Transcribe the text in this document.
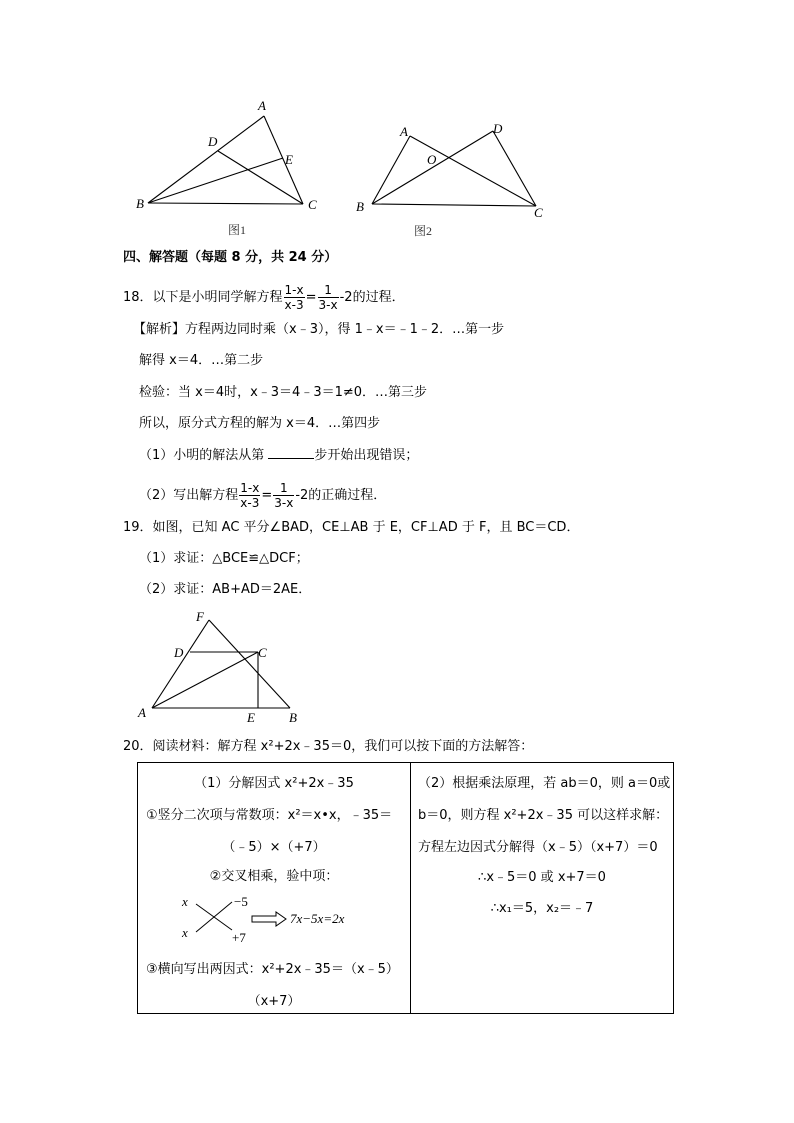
A
D
E
B	C
图1
A	D
O
B	C
图2
四、解答题（每题 8 分，共 24 分）
18．以下是小明同学解方程 $\frac{1-x}{x-3} = \frac{1}{3-x} -2$的过程．
【解析】方程两边同时乘（x﹣3），得 1﹣x＝﹣1﹣2．…第一步
解得 x＝4．…第二步
检验：当 x＝4时，x﹣3＝4﹣3＝1≠0．…第三步
所以，原分式方程的解为 x＝4．…第四步
（1）小明的解法从第	步开始出现错误；
（2）写出解方程 $\frac{1-x}{x-3} = \frac{1}{3-x} -2$的正确过程．
19．如图，已知 AC 平分∠BAD，CE⊥AB 于 E，CF⊥AD 于 F，且 BC＝CD．
（1）求证：△BCE≌△DCF；
（2）求证：AB+AD＝2AE．
F
D	C
A	E	B
20．阅读材料：解方程 x²+2x﹣35＝0，我们可以按下面的方法解答：
（1）分解因式 x²+2x﹣35
①竖分二次项与常数项：x²＝x•x，﹣35＝
（﹣5）×（+7）
②交叉相乘，验中项：
x
x
−5
+7
7x−5x=2x
③横向写出两因式：x²+2x﹣35＝（x﹣5）
（x+7）
（2）根据乘法原理，若 ab＝0，则 a＝0或
b＝0，则方程 x²+2x﹣35 可以这样求解：
方程左边因式分解得（x﹣5）（x+7）＝0
∴x﹣5＝0 或 x+7＝0
∴x₁＝5，x₂＝﹣7
